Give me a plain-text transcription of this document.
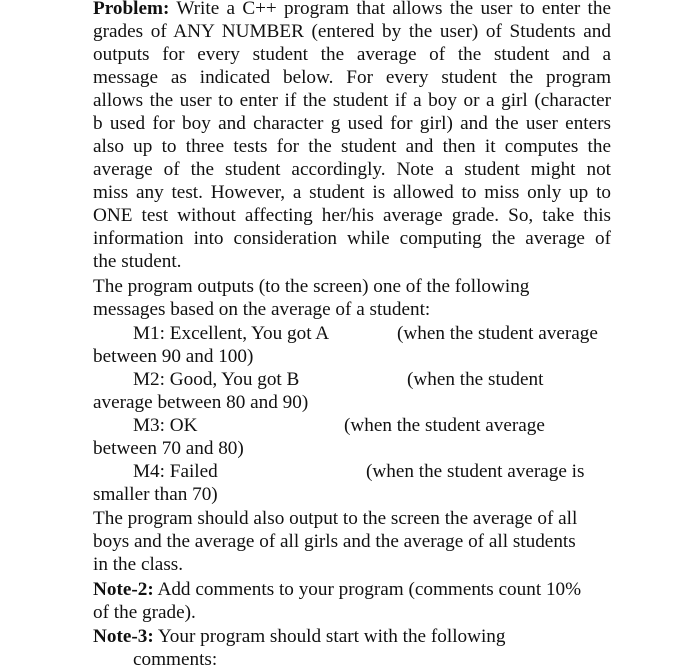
Problem: Write a C++ program that allows the user to enter the
grades of ANY NUMBER (entered by the user) of Students and
outputs for every student the average of the student and a
message as indicated below. For every student the program
allows the user to enter if the student if a boy or a girl (character
b used for boy and character g used for girl) and the user enters
also up to three tests for the student and then it computes the
average of the student accordingly. Note a student might not
miss any test. However, a student is allowed to miss only up to
ONE test without affecting her/his average grade. So, take this
information into consideration while computing the average of
the student.
The program outputs (to the screen) one of the following
messages based on the average of a student:
M1: Excellent, You got A	(when the student average
between 90 and 100)
M2: Good, You got B	(when the student
average between 80 and 90)
M3: OK	(when the student average
between 70 and 80)
M4: Failed	(when the student average is
smaller than 70)
The program should also output to the screen the average of all
boys and the average of all girls and the average of all students
in the class.
Note-2: Add comments to your program (comments count 10%
of the grade).
Note-3: Your program should start with the following
comments:
